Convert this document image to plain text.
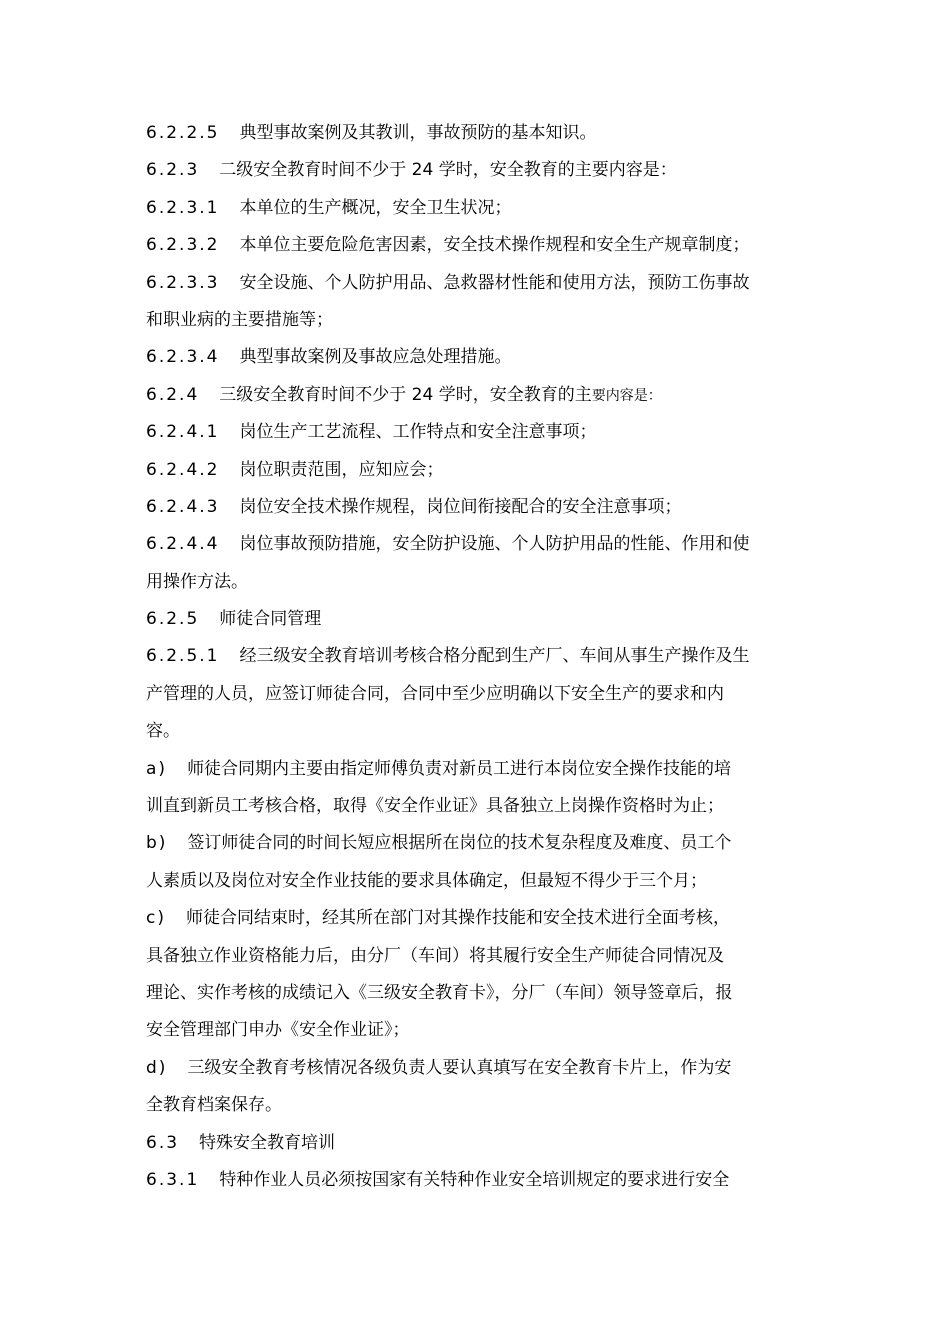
6.2.2.5 典型事故案例及其教训，事故预防的基本知识。
6.2.3 二级安全教育时间不少于 24 学时，安全教育的主要内容是：
6.2.3.1 本单位的生产概况，安全卫生状况；
6.2.3.2 本单位主要危险危害因素，安全技术操作规程和安全生产规章制度；
6.2.3.3 安全设施、个人防护用品、急救器材性能和使用方法，预防工伤事故
和职业病的主要措施等；
6.2.3.4 典型事故案例及事故应急处理措施。
6.2.4 三级安全教育时间不少于 24 学时，安全教育的主要内容是：
6.2.4.1 岗位生产工艺流程、工作特点和安全注意事项；
6.2.4.2 岗位职责范围，应知应会；
6.2.4.3 岗位安全技术操作规程，岗位间衔接配合的安全注意事项；
6.2.4.4 岗位事故预防措施，安全防护设施、个人防护用品的性能、作用和使
用操作方法。
6.2.5 师徒合同管理
6.2.5.1 经三级安全教育培训考核合格分配到生产厂、车间从事生产操作及生
产管理的人员，应签订师徒合同，合同中至少应明确以下安全生产的要求和内
容。
a) 师徒合同期内主要由指定师傅负责对新员工进行本岗位安全操作技能的培
训直到新员工考核合格，取得《安全作业证》具备独立上岗操作资格时为止；
b) 签订师徒合同的时间长短应根据所在岗位的技术复杂程度及难度、员工个
人素质以及岗位对安全作业技能的要求具体确定，但最短不得少于三个月；
c) 师徒合同结束时，经其所在部门对其操作技能和安全技术进行全面考核，
具备独立作业资格能力后，由分厂（车间）将其履行安全生产师徒合同情况及
理论、实作考核的成绩记入《三级安全教育卡》，分厂（车间）领导签章后，报
安全管理部门申办《安全作业证》；
d) 三级安全教育考核情况各级负责人要认真填写在安全教育卡片上，作为安
全教育档案保存。
6.3 特殊安全教育培训
6.3.1 特种作业人员必须按国家有关特种作业安全培训规定的要求进行安全
